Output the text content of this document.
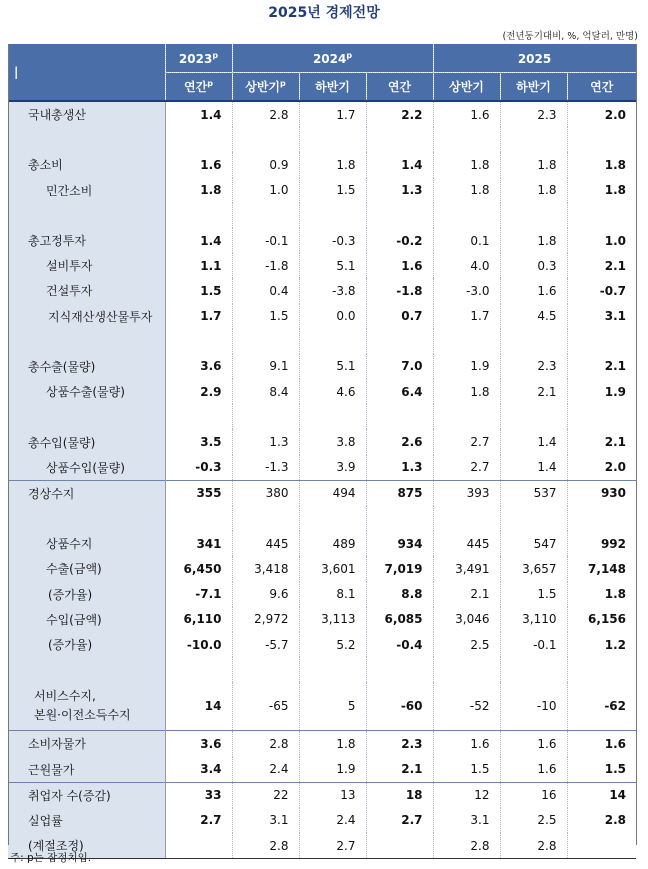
2025년 경제전망
(전년동기대비, %, 억달러, 만명)
|	2023$^p$	2024$^p$			2025		
	연간$^p$	상반기$^p$	하반기	연간	상반기	하반기	연간
국내총생산	1.4	2.8	1.7	2.2	1.6	2.3	2.0

총소비	1.6	0.9	1.8	1.4	1.8	1.8	1.8
민간소비	1.8	1.0	1.5	1.3	1.8	1.8	1.8

총고정투자	1.4	-0.1	-0.3	-0.2	0.1	1.8	1.0
설비투자	1.1	-1.8	5.1	1.6	4.0	0.3	2.1
건설투자	1.5	0.4	-3.8	-1.8	-3.0	1.6	-0.7
지식재산생산물투자	1.7	1.5	0.0	0.7	1.7	4.5	3.1

총수출(물량)	3.6	9.1	5.1	7.0	1.9	2.3	2.1
상품수출(물량)	2.9	8.4	4.6	6.4	1.8	2.1	1.9

총수입(물량)	3.5	1.3	3.8	2.6	2.7	1.4	2.1
상품수입(물량)	-0.3	-1.3	3.9	1.3	2.7	1.4	2.0
경상수지	355	380	494	875	393	537	930

상품수지	341	445	489	934	445	547	992
수출(금액)	6,450	3,418	3,601	7,019	3,491	3,657	7,148
(증가율)	-7.1	9.6	8.1	8.8	2.1	1.5	1.8
수입(금액)	6,110	2,972	3,113	6,085	3,046	3,110	6,156
(증가율)	-10.0	-5.7	5.2	-0.4	2.5	-0.1	1.2

서비스수지,
본원·이전소득수지	14	-65	5	-60	-52	-10	-62
소비자물가	3.6	2.8	1.8	2.3	1.6	1.6	1.6
근원물가	3.4	2.4	1.9	2.1	1.5	1.6	1.5
취업자 수(증감)	33	22	13	18	12	16	14
실업률	2.7	3.1	2.4	2.7	3.1	2.5	2.8
(계절조정)		2.8	2.7		2.8	2.8	
주: p는 잠정치임.
